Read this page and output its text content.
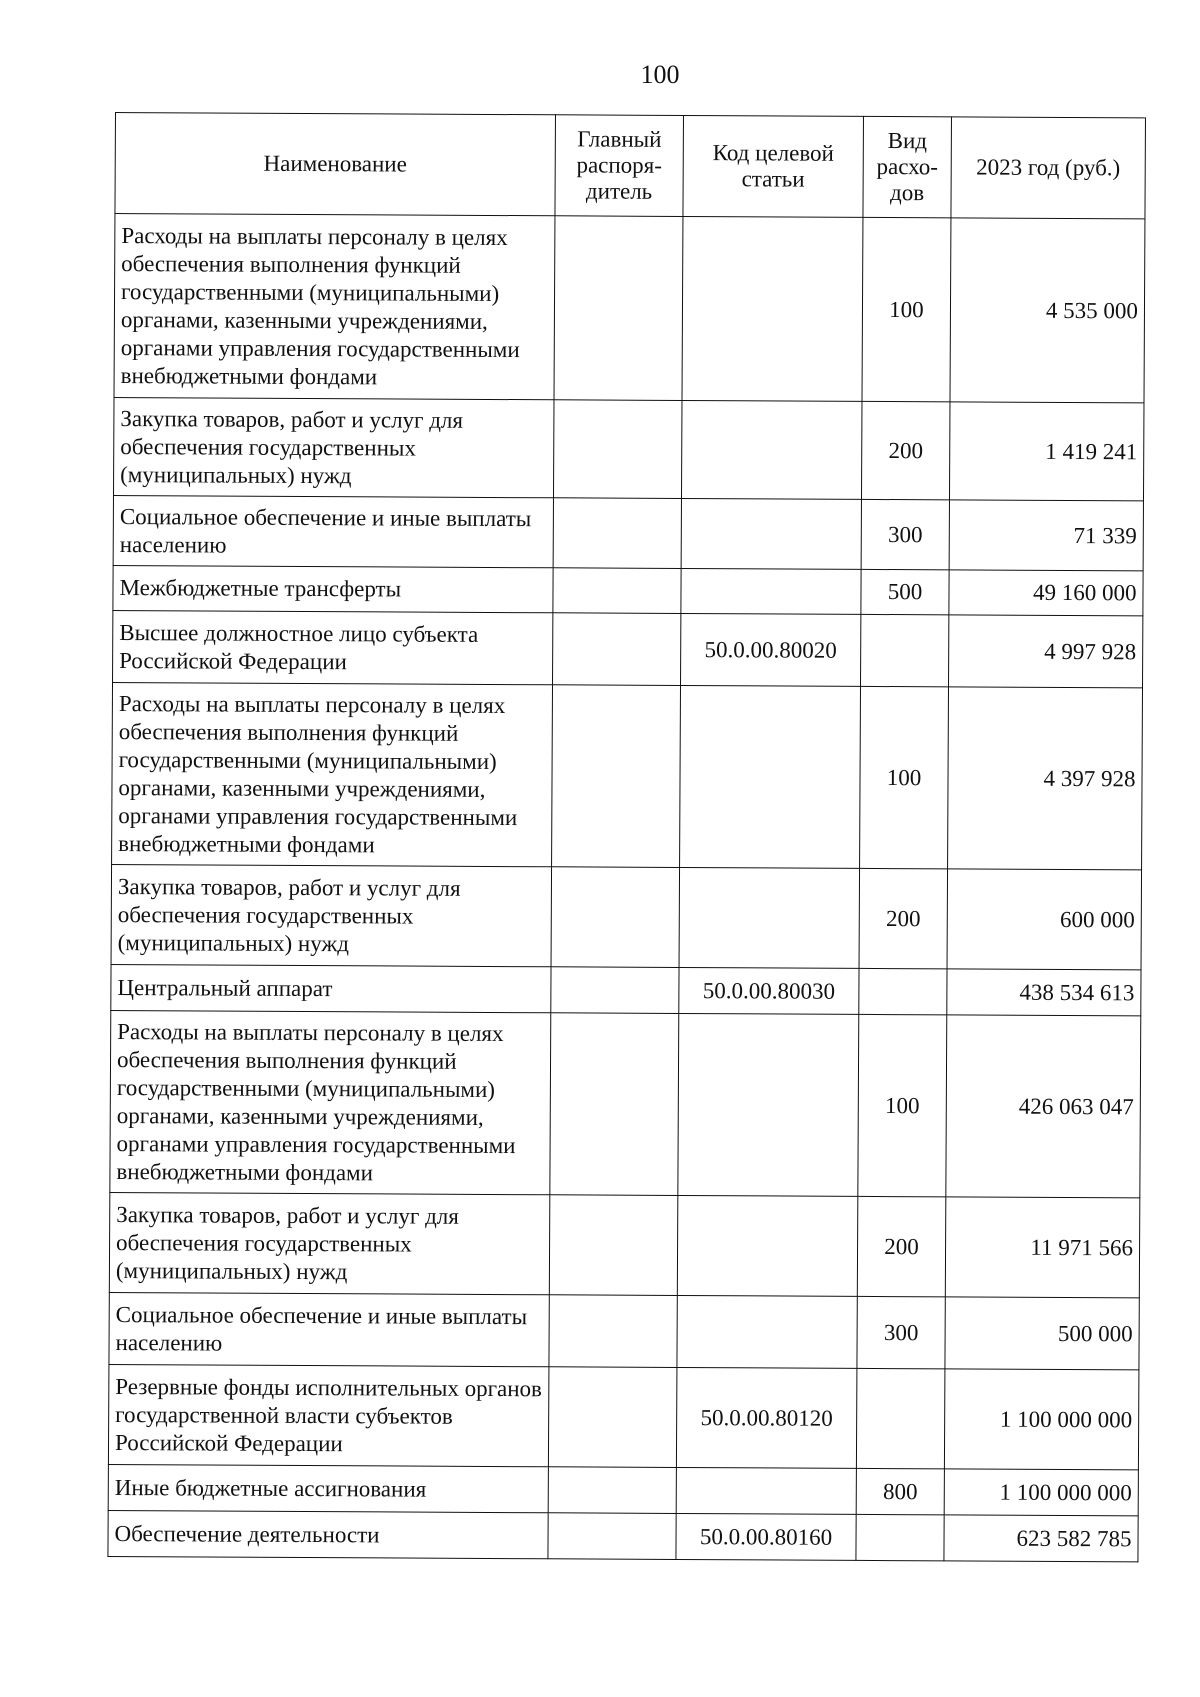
100
Наименование	Главный распоря-дитель	Код целевой статьи	Вид расхо-дов	2023 год (руб.)
Расходы на выплаты персоналу в целях обеспечения выполнения функций государственными (муниципальными) органами, казенными учреждениями, органами управления государственными внебюджетными фондами			100	4 535 000
Закупка товаров, работ и услуг для обеспечения государственных (муниципальных) нужд			200	1 419 241
Социальное обеспечение и иные выплаты населению			300	71 339
Межбюджетные трансферты			500	49 160 000
Высшее должностное лицо субъекта Российской Федерации		50.0.00.80020		4 997 928
Расходы на выплаты персоналу в целях обеспечения выполнения функций государственными (муниципальными) органами, казенными учреждениями, органами управления государственными внебюджетными фондами			100	4 397 928
Закупка товаров, работ и услуг для обеспечения государственных (муниципальных) нужд			200	600 000
Центральный аппарат		50.0.00.80030		438 534 613
Расходы на выплаты персоналу в целях обеспечения выполнения функций государственными (муниципальными) органами, казенными учреждениями, органами управления государственными внебюджетными фондами			100	426 063 047
Закупка товаров, работ и услуг для обеспечения государственных (муниципальных) нужд			200	11 971 566
Социальное обеспечение и иные выплаты населению			300	500 000
Резервные фонды исполнительных органов государственной власти субъектов Российской Федерации		50.0.00.80120		1 100 000 000
Иные бюджетные ассигнования			800	1 100 000 000
Обеспечение деятельности		50.0.00.80160		623 582 785
